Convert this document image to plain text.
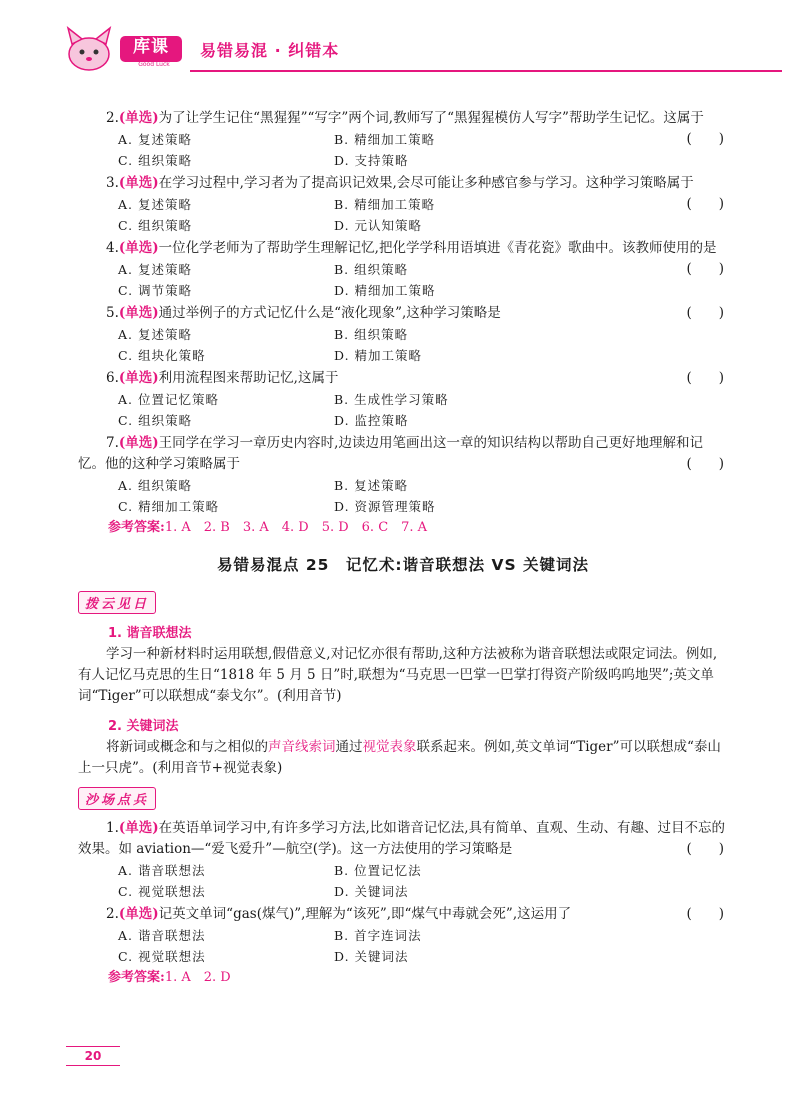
库课
Good Luck
易错易混 · 纠错本
2.(单选)为了让学生记住“黑猩猩”“写字”两个词,教师写了“黑猩猩模仿人写字”帮助学生记忆。这属于
(　　)
A. 复述策略	B. 精细加工策略
C. 组织策略	D. 支持策略
3.(单选)在学习过程中,学习者为了提高识记效果,会尽可能让多种感官参与学习。这种学习策略属于
(　　)
A. 复述策略	B. 精细加工策略
C. 组织策略	D. 元认知策略
4.(单选)一位化学老师为了帮助学生理解记忆,把化学学科用语填进《青花瓷》歌曲中。该教师使用的是
(　　)
A. 复述策略	B. 组织策略
C. 调节策略	D. 精细加工策略
5.(单选)通过举例子的方式记忆什么是“液化现象”,这种学习策略是	(　　)
A. 复述策略	B. 组织策略
C. 组块化策略	D. 精加工策略
6.(单选)利用流程图来帮助记忆,这属于	(　　)
A. 位置记忆策略	B. 生成性学习策略
C. 组织策略	D. 监控策略
7.(单选)王同学在学习一章历史内容时,边读边用笔画出这一章的知识结构以帮助自己更好地理解和记忆。他的这种学习策略属于	(　　)
A. 组织策略	B. 复述策略
C. 精细加工策略	D. 资源管理策略
参考答案:1. A　2. B　3. A　4. D　5. D　6. C　7. A
易错易混点 25　记忆术:谐音联想法 VS 关键词法
拨云见日
1. 谐音联想法
学习一种新材料时运用联想,假借意义,对记忆亦很有帮助,这种方法被称为谐音联想法或限定词法。例如,有人记忆马克思的生日“1818 年 5 月 5 日”时,联想为“马克思一巴掌一巴掌打得资产阶级呜呜地哭”;英文单词“Tiger”可以联想成“泰戈尔”。(利用音节)
2. 关键词法
将新词或概念和与之相似的声音线索词通过视觉表象联系起来。例如,英文单词“Tiger”可以联想成“泰山上一只虎”。(利用音节+视觉表象)
沙场点兵
1.(单选)在英语单词学习中,有许多学习方法,比如谐音记忆法,具有简单、直观、生动、有趣、过目不忘的效果。如 aviation—“爱飞爱升”—航空(学)。这一方法使用的学习策略是	(　　)
A. 谐音联想法	B. 位置记忆法
C. 视觉联想法	D. 关键词法
2.(单选)记英文单词“gas(煤气)”,理解为“该死”,即“煤气中毒就会死”,这运用了	(　　)
A. 谐音联想法	B. 首字连词法
C. 视觉联想法	D. 关键词法
参考答案:1. A　2. D
20
